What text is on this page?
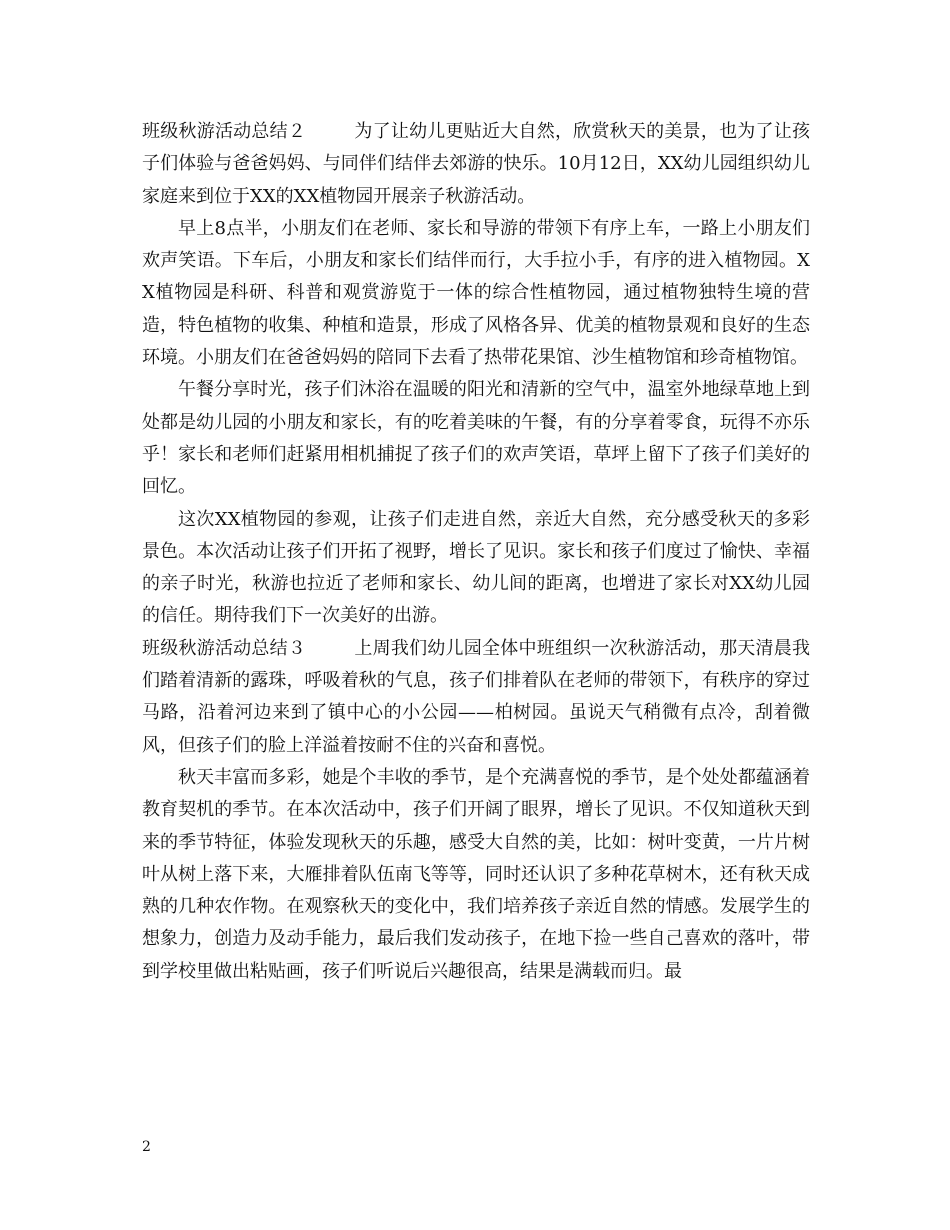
班级秋游活动总结２	为了让幼儿更贴近大自然，欣赏秋天的美景，也为了让孩子们体验与爸爸妈妈、与同伴们结伴去郊游的快乐。10月12日，XX幼儿园组织幼儿家庭来到位于XX的XX植物园开展亲子秋游活动。

早上8点半，小朋友们在老师、家长和导游的带领下有序上车，一路上小朋友们欢声笑语。下车后，小朋友和家长们结伴而行，大手拉小手，有序的进入植物园。XX植物园是科研、科普和观赏游览于一体的综合性植物园，通过植物独特生境的营造，特色植物的收集、种植和造景，形成了风格各异、优美的植物景观和良好的生态环境。小朋友们在爸爸妈妈的陪同下去看了热带花果馆、沙生植物馆和珍奇植物馆。

午餐分享时光，孩子们沐浴在温暖的阳光和清新的空气中，温室外地绿草地上到处都是幼儿园的小朋友和家长，有的吃着美味的午餐，有的分享着零食，玩得不亦乐乎！家长和老师们赶紧用相机捕捉了孩子们的欢声笑语，草坪上留下了孩子们美好的回忆。

这次XX植物园的参观，让孩子们走进自然，亲近大自然，充分感受秋天的多彩景色。本次活动让孩子们开拓了视野，增长了见识。家长和孩子们度过了愉快、幸福的亲子时光，秋游也拉近了老师和家长、幼儿间的距离，也增进了家长对XX幼儿园的信任。期待我们下一次美好的出游。

班级秋游活动总结３	上周我们幼儿园全体中班组织一次秋游活动，那天清晨我们踏着清新的露珠，呼吸着秋的气息，孩子们排着队在老师的带领下，有秩序的穿过马路，沿着河边来到了镇中心的小公园——柏树园。虽说天气稍微有点冷，刮着微风，但孩子们的脸上洋溢着按耐不住的兴奋和喜悦。

秋天丰富而多彩，她是个丰收的季节，是个充满喜悦的季节，是个处处都蕴涵着教育契机的季节。在本次活动中，孩子们开阔了眼界，增长了见识。不仅知道秋天到来的季节特征，体验发现秋天的乐趣，感受大自然的美，比如：树叶变黄，一片片树叶从树上落下来，大雁排着队伍南飞等等，同时还认识了多种花草树木，还有秋天成熟的几种农作物。在观察秋天的变化中，我们培养孩子亲近自然的情感。发展学生的想象力，创造力及动手能力，最后我们发动孩子，在地下捡一些自己喜欢的落叶，带到学校里做出粘贴画，孩子们听说后兴趣很高，结果是满载而归。最

2
